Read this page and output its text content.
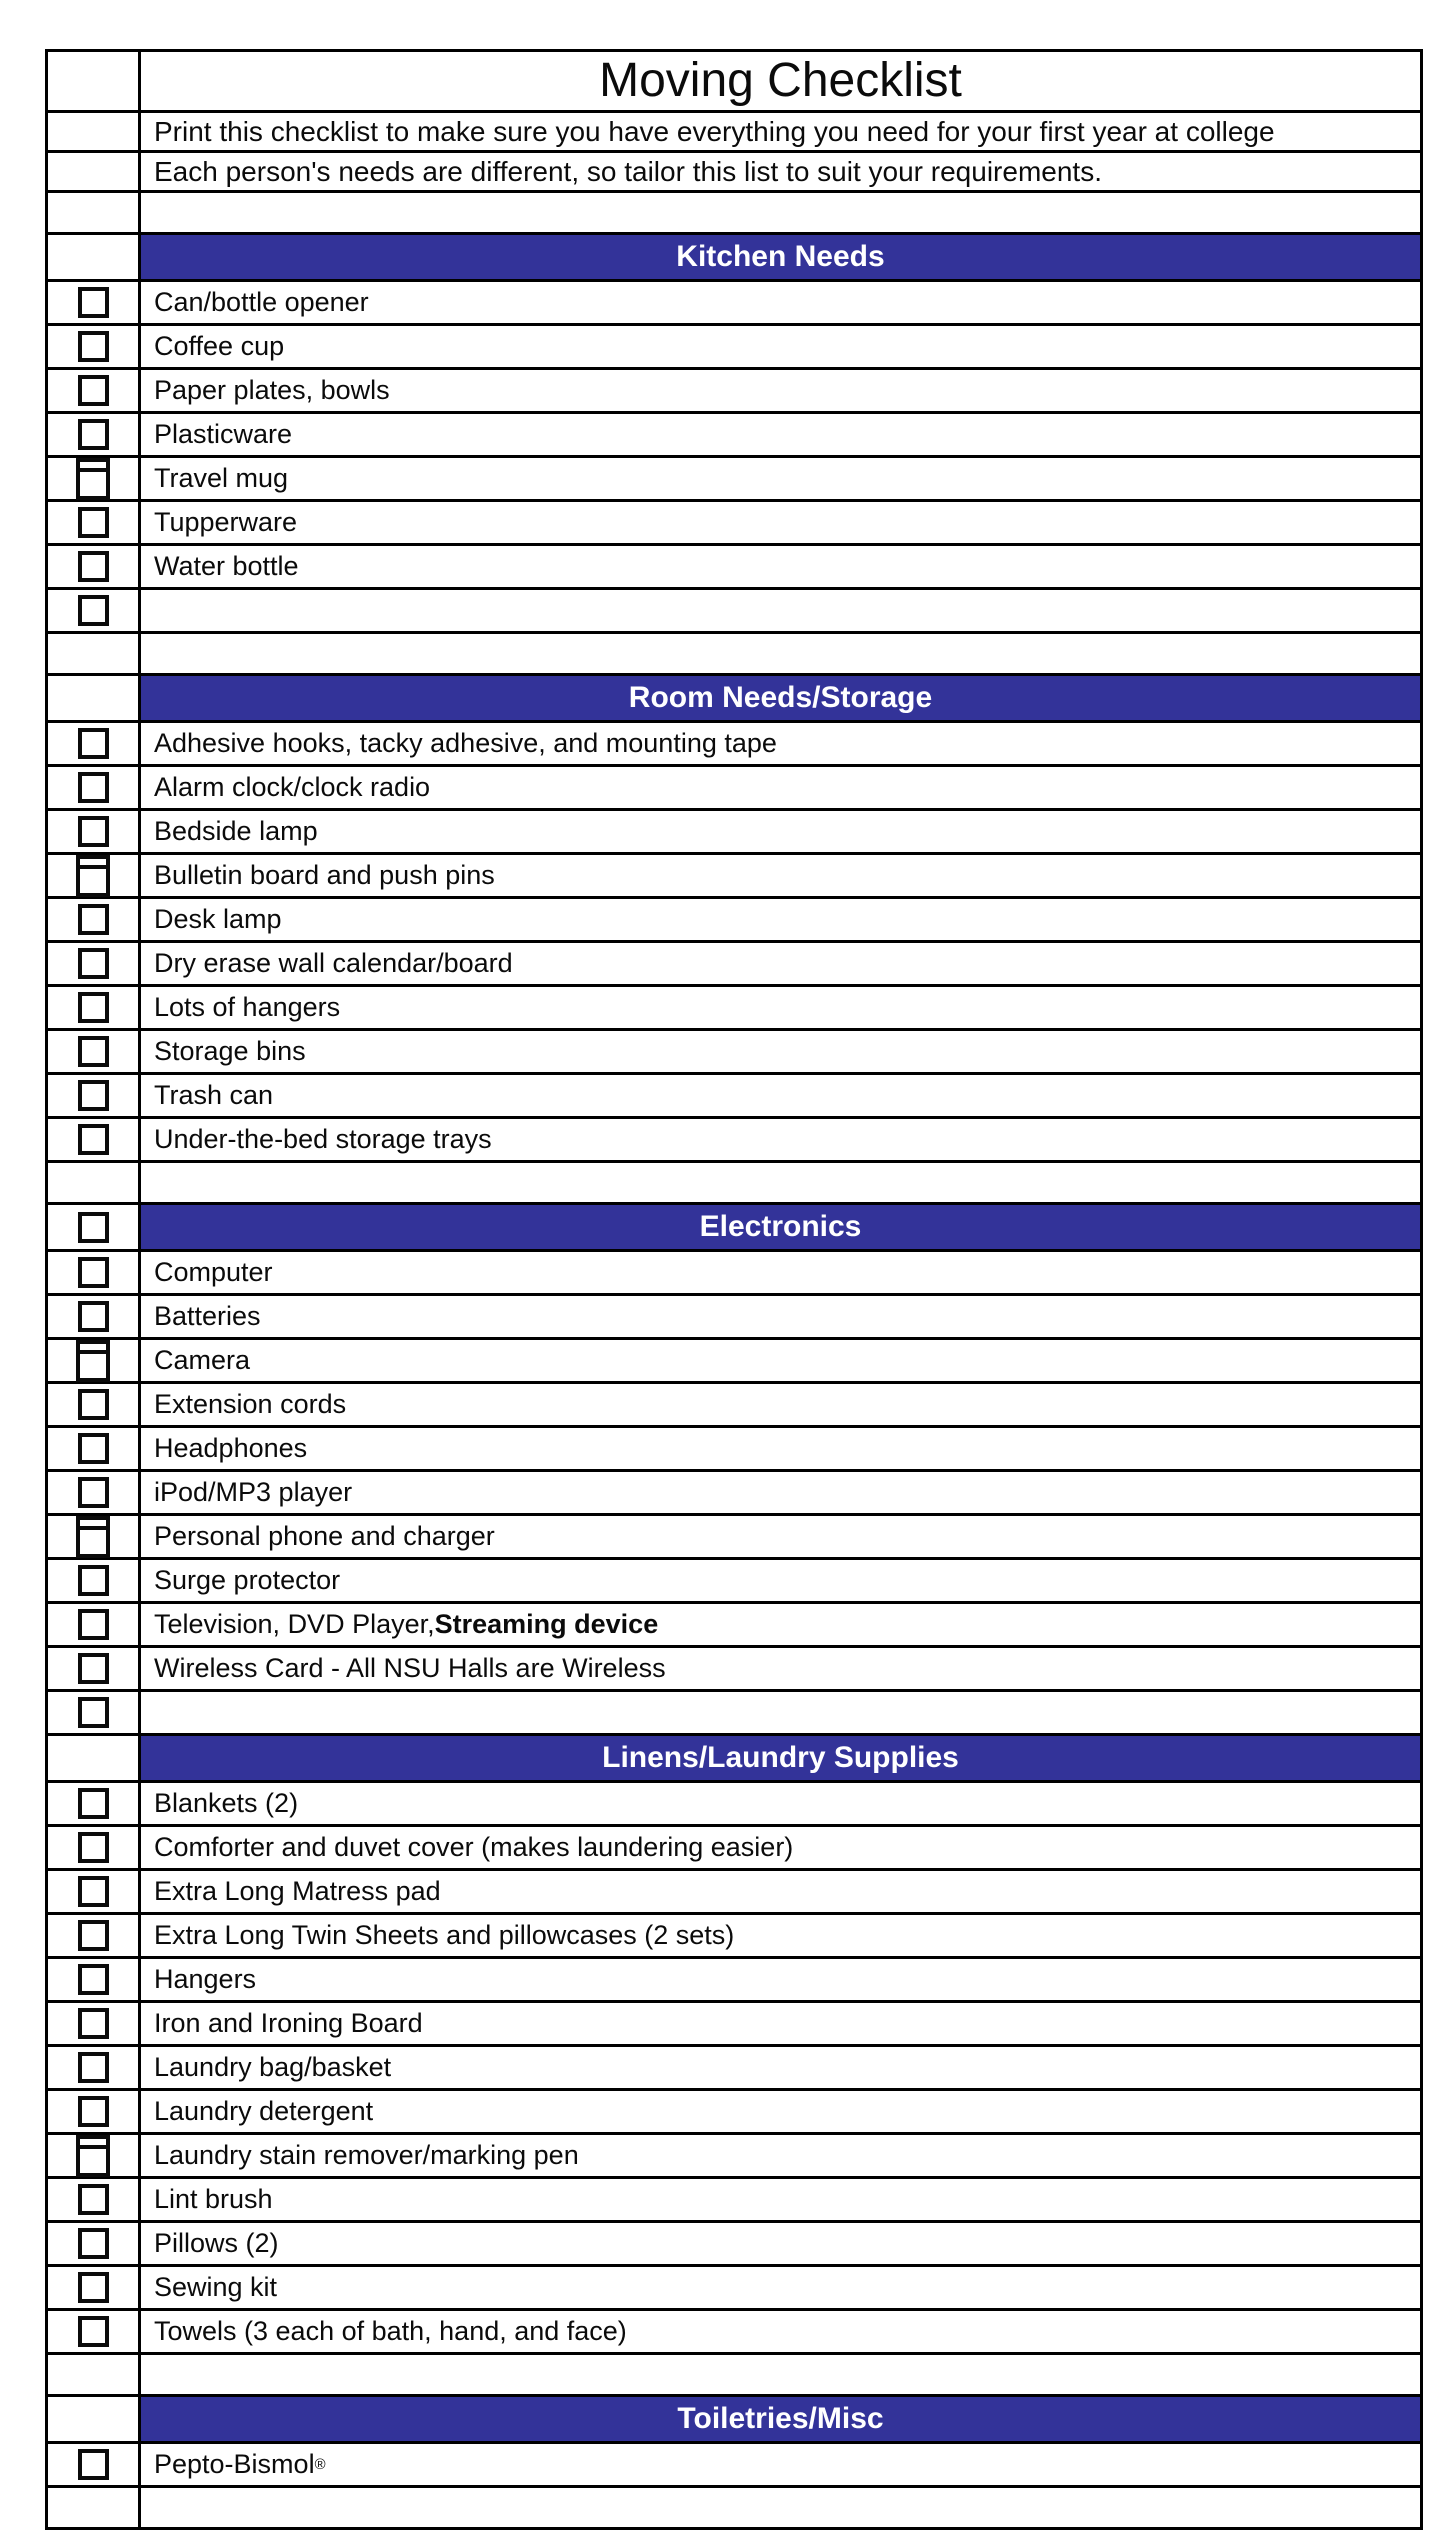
Moving Checklist
Print this checklist to make sure you have everything you need for your first year at college
Each person's needs are different, so tailor this list to suit your requirements.
Kitchen Needs
Can/bottle opener
Coffee cup
Paper plates, bowls
Plasticware
Travel mug
Tupperware
Water bottle
Room Needs/Storage
Adhesive hooks, tacky adhesive, and mounting tape
Alarm clock/clock radio
Bedside lamp
Bulletin board and push pins
Desk lamp
Dry erase wall calendar/board
Lots of hangers
Storage bins
Trash can
Under-the-bed storage trays
Electronics
Computer
Batteries
Camera
Extension cords
Headphones
iPod/MP3 player
Personal phone and charger
Surge protector
Television, DVD Player, Streaming device
Wireless Card - All NSU Halls are Wireless
Linens/Laundry Supplies
Blankets (2)
Comforter and duvet cover (makes laundering easier)
Extra Long Matress pad
Extra Long Twin Sheets and pillowcases (2 sets)
Hangers
Iron and Ironing Board
Laundry bag/basket
Laundry detergent
Laundry stain remover/marking pen
Lint brush
Pillows (2)
Sewing kit
Towels (3 each of bath, hand, and face)
Toiletries/Misc
Pepto-Bismol ®
